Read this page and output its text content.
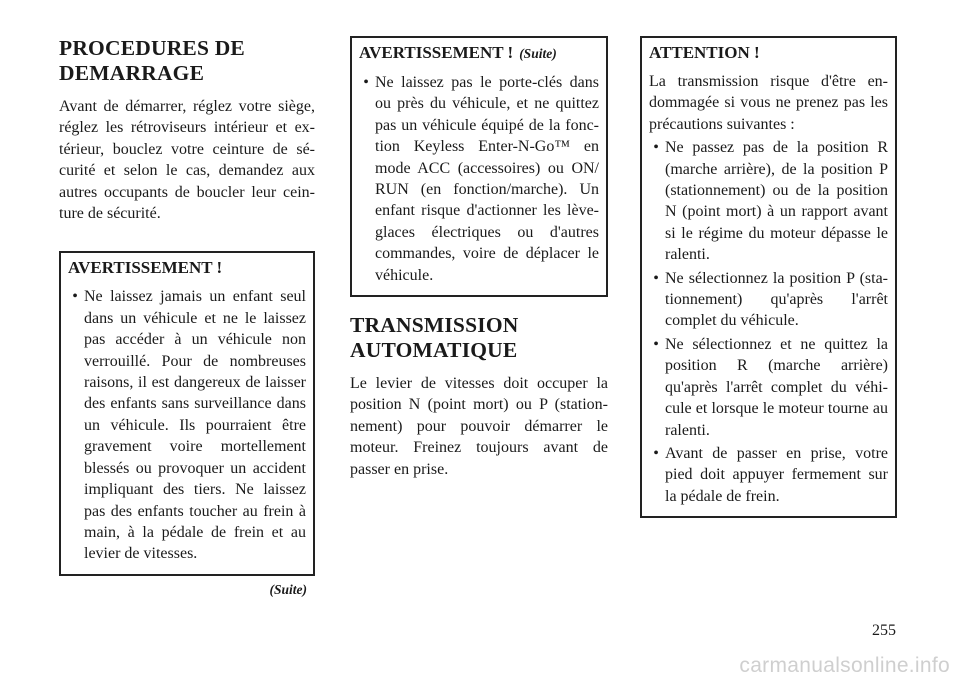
PROCEDURES DE DEMARRAGE

Avant de démarrer, réglez votre siège, réglez les rétroviseurs intérieur et ex-térieur, bouclez votre ceinture de sé-curité et selon le cas, demandez aux autres occupants de boucler leur cein-ture de sécurité.

AVERTISSEMENT !
• Ne laissez jamais un enfant seul dans un véhicule et ne le laissez pas accéder à un véhicule non verrouillé. Pour de nombreuses raisons, il est dangereux de laisser des enfants sans surveillance dans un véhicule. Ils pourraient être gravement voire mortellement blessés ou provoquer un accident impliquant des tiers. Ne laissez pas des enfants toucher au frein à main, à la pédale de frein et au levier de vitesses.
(Suite)
AVERTISSEMENT ! (Suite)
• Ne laissez pas le porte-clés dans ou près du véhicule, et ne quittez pas un véhicule équipé de la fonc-tion Keyless Enter-N-Go™ en mode ACC (accessoires) ou ON/ RUN (en fonction/marche). Un enfant risque d'actionner les lève-glaces électriques ou d'autres commandes, voire de déplacer le véhicule.
TRANSMISSION AUTOMATIQUE

Le levier de vitesses doit occuper la position N (point mort) ou P (station-nement) pour pouvoir démarrer le moteur. Freinez toujours avant de passer en prise.

ATTENTION !

La transmission risque d'être en-dommagée si vous ne prenez pas les précautions suivantes :

• Ne passez pas de la position R (marche arrière), de la position P (stationnement) ou de la position N (point mort) à un rapport avant si le régime du moteur dépasse le ralenti.
• Ne sélectionnez la position P (sta-tionnement) qu'après l'arrêt complet du véhicule.
• Ne sélectionnez et ne quittez la position R (marche arrière) qu'après l'arrêt complet du véhi-cule et lorsque le moteur tourne au ralenti.
• Avant de passer en prise, votre pied doit appuyer fermement sur la pédale de frein.
255
carmanualsonline.info
